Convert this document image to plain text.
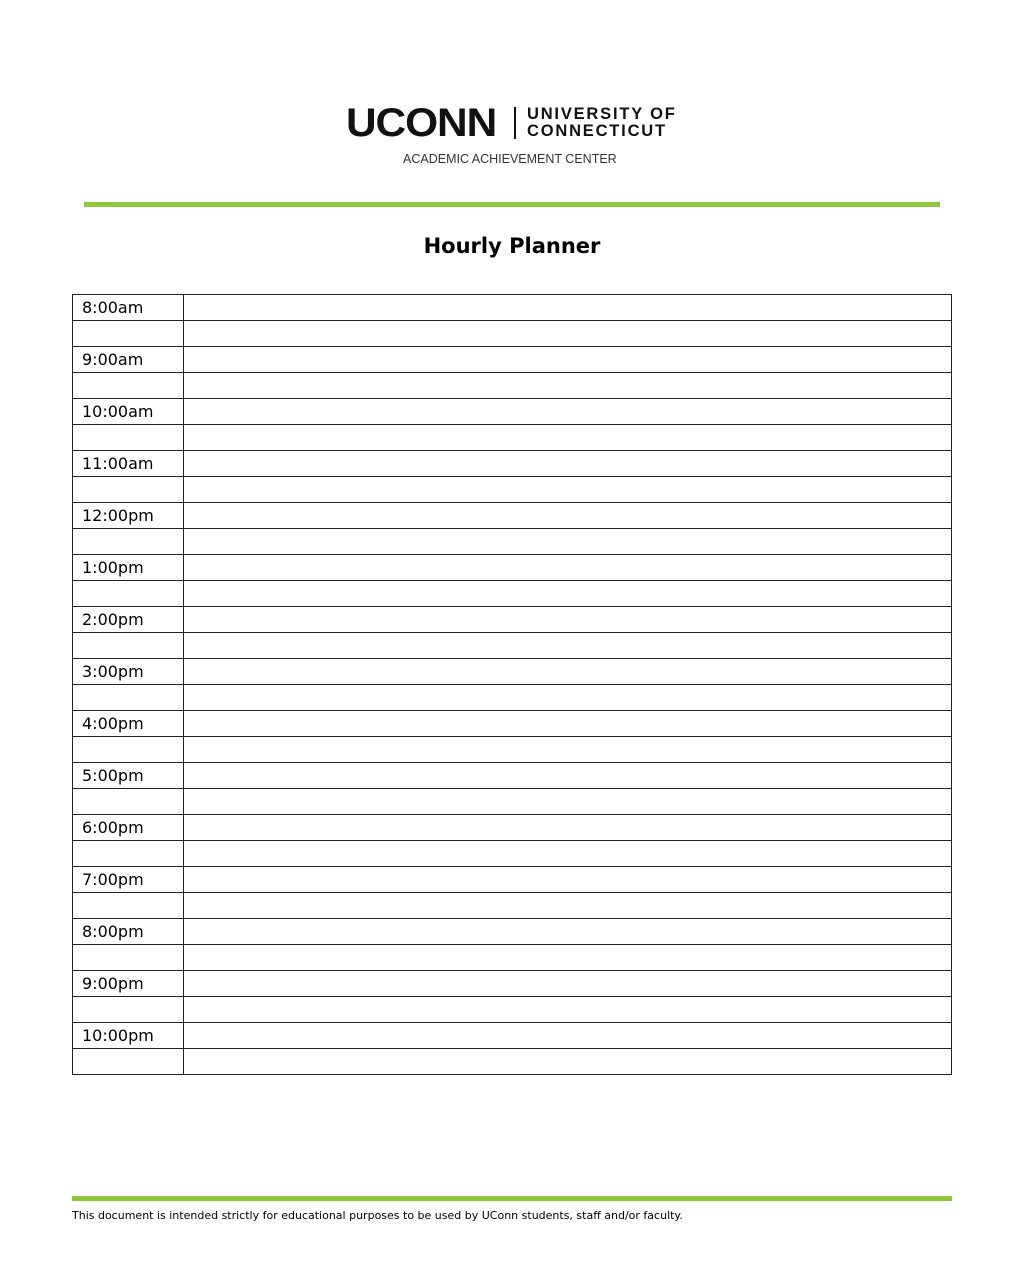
UCONN UNIVERSITY OF
CONNECTICUT
ACADEMIC ACHIEVEMENT CENTER
Hourly Planner
8:00am	

9:00am	

10:00am	

11:00am	

12:00pm	

1:00pm	

2:00pm	

3:00pm	

4:00pm	

5:00pm	

6:00pm	

7:00pm	

8:00pm	

9:00pm	

10:00pm	

This document is intended strictly for educational purposes to be used by UConn students, staff and/or faculty.
